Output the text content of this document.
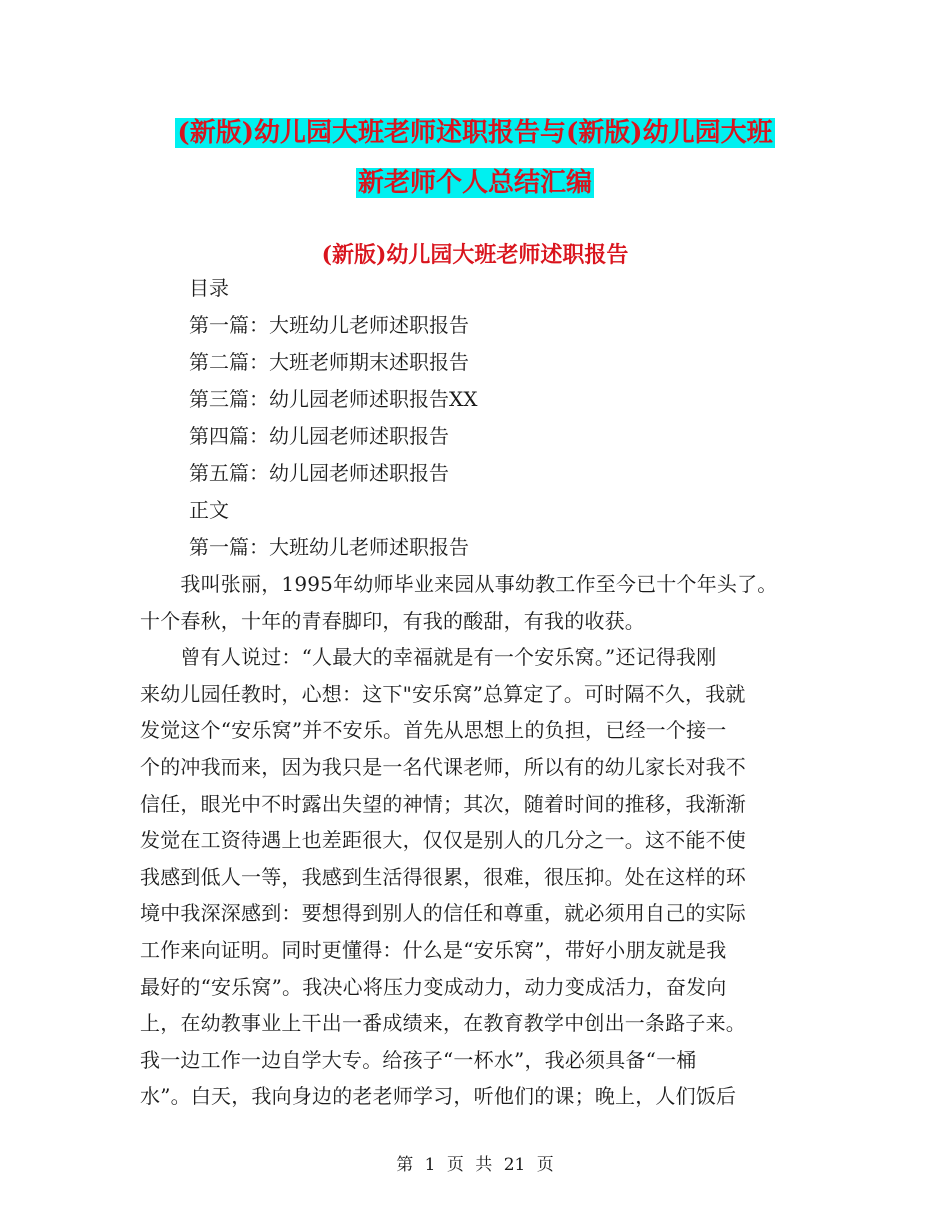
(新版)幼儿园大班老师述职报告与(新版)幼儿园大班
新老师个人总结汇编
(新版)幼儿园大班老师述职报告
目录
第一篇：大班幼儿老师述职报告
第二篇：大班老师期末述职报告
第三篇：幼儿园老师述职报告XX
第四篇：幼儿园老师述职报告
第五篇：幼儿园老师述职报告
正文
第一篇：大班幼儿老师述职报告
　　我叫张丽，1995年幼师毕业来园从事幼教工作至今已十个年头了。
十个春秋，十年的青春脚印，有我的酸甜，有我的收获。
　　曾有人说过：“人最大的幸福就是有一个安乐窝。”还记得我刚
来幼儿园任教时，心想：这下"安乐窝”总算定了。可时隔不久，我就
发觉这个“安乐窝”并不安乐。首先从思想上的负担，已经一个接一
个的冲我而来，因为我只是一名代课老师，所以有的幼儿家长对我不
信任，眼光中不时露出失望的神情；其次，随着时间的推移，我渐渐
发觉在工资待遇上也差距很大，仅仅是别人的几分之一。这不能不使
我感到低人一等，我感到生活得很累，很难，很压抑。处在这样的环
境中我深深感到：要想得到别人的信任和尊重，就必须用自己的实际
工作来向证明。同时更懂得：什么是“安乐窝”，带好小朋友就是我
最好的“安乐窝”。我决心将压力变成动力，动力变成活力，奋发向
上，在幼教事业上干出一番成绩来，在教育教学中创出一条路子来。
我一边工作一边自学大专。给孩子“一杯水”，我必须具备“一桶
水”。白天，我向身边的老老师学习，听他们的课；晚上，人们饭后
第 1 页 共 21 页
